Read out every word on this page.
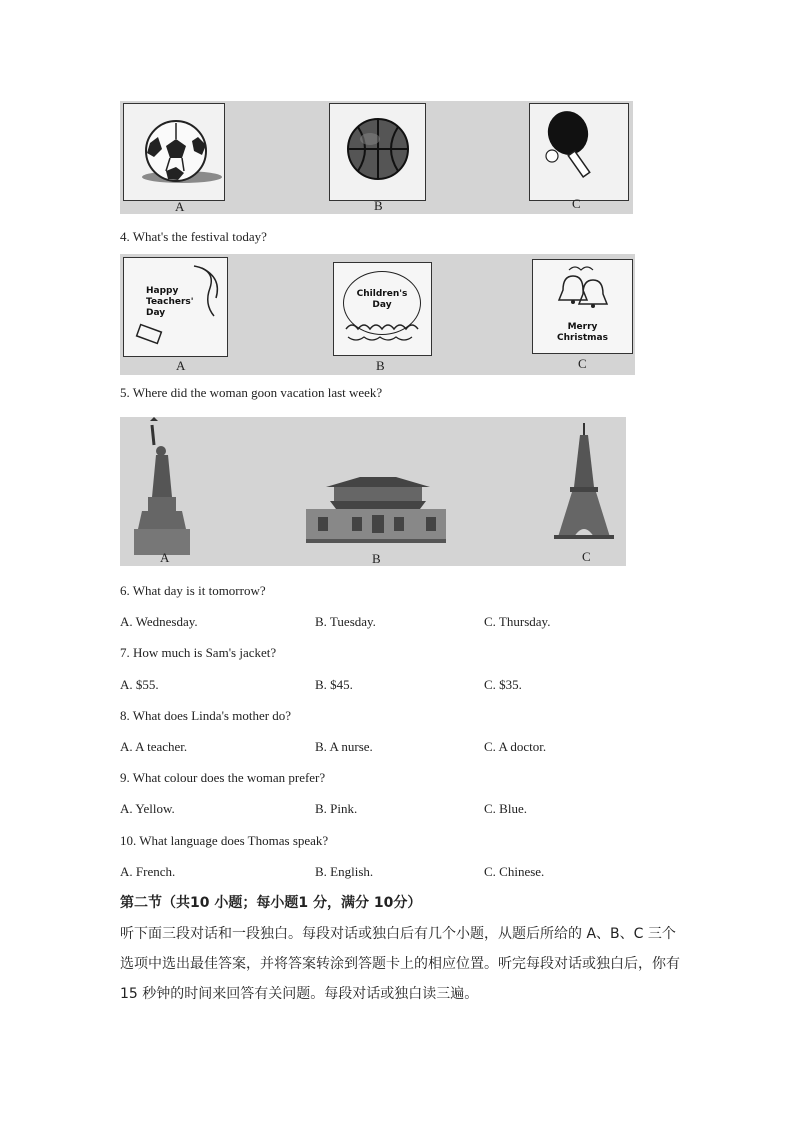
A	B	C
4. What's the festival today?
Happy
Teachers'
Day
Children's
Day
Merry
Christmas
A	B	C
5. Where did the woman goon vacation last week?
A	B	C
6. What day is it tomorrow?
A. Wednesday.	B. Tuesday.	C. Thursday.
7. How much is Sam's jacket?
A. $55.	B. $45.	C. $35.
8. What does Linda's mother do?
A. A teacher.	B. A nurse.	C. A doctor.
9. What colour does the woman prefer?
A. Yellow.	B. Pink.	C. Blue.
10. What language does Thomas speak?
A. French.	B. English.	C. Chinese.
第二节（共10 小题；每小题1 分，满分 10分）
听下面三段对话和一段独白。每段对话或独白后有几个小题，从题后所给的 A、B、C 三个
选项中选出最佳答案，并将答案转涂到答题卡上的相应位置。听完每段对话或独白后，你有
15 秒钟的时间来回答有关问题。每段对话或独白读三遍。
